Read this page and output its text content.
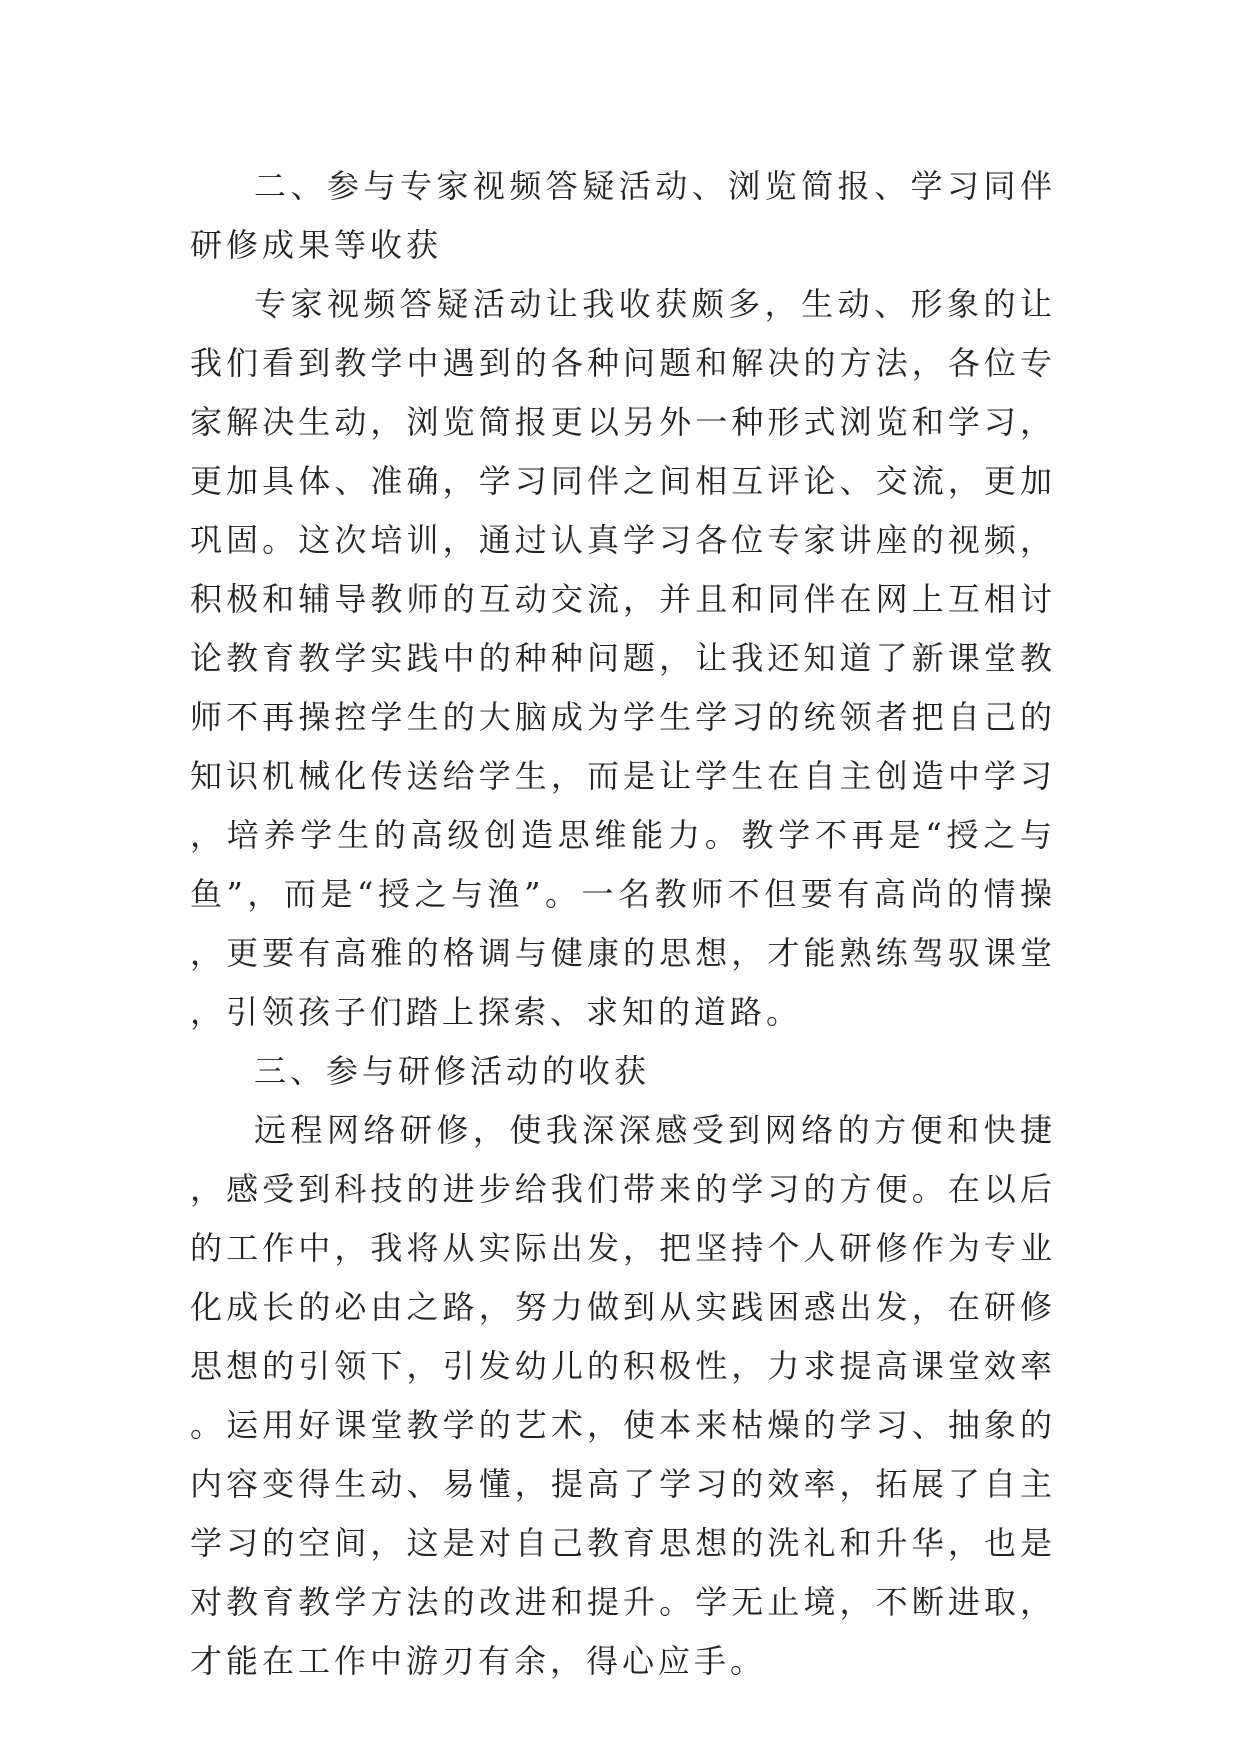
二、参与专家视频答疑活动、浏览简报、学习同伴研修成果等收获

专家视频答疑活动让我收获颇多，生动、形象的让我们看到教学中遇到的各种问题和解决的方法，各位专家解决生动，浏览简报更以另外一种形式浏览和学习，更加具体、准确，学习同伴之间相互评论、交流，更加巩固。这次培训，通过认真学习各位专家讲座的视频，积极和辅导教师的互动交流，并且和同伴在网上互相讨论教育教学实践中的种种问题，让我还知道了新课堂教师不再操控学生的大脑成为学生学习的统领者把自己的知识机械化传送给学生，而是让学生在自主创造中学习，培养学生的高级创造思维能力。教学不再是“授之与鱼”，而是“授之与渔”。一名教师不但要有高尚的情操，更要有高雅的格调与健康的思想，才能熟练驾驭课堂，引领孩子们踏上探索、求知的道路。

三、参与研修活动的收获

远程网络研修，使我深深感受到网络的方便和快捷，感受到科技的进步给我们带来的学习的方便。在以后的工作中，我将从实际出发，把坚持个人研修作为专业化成长的必由之路，努力做到从实践困惑出发，在研修思想的引领下，引发幼儿的积极性，力求提高课堂效率。运用好课堂教学的艺术，使本来枯燥的学习、抽象的内容变得生动、易懂，提高了学习的效率，拓展了自主学习的空间，这是对自己教育思想的洗礼和升华，也是对教育教学方法的改进和提升。学无止境，不断进取，才能在工作中游刃有余，得心应手。
